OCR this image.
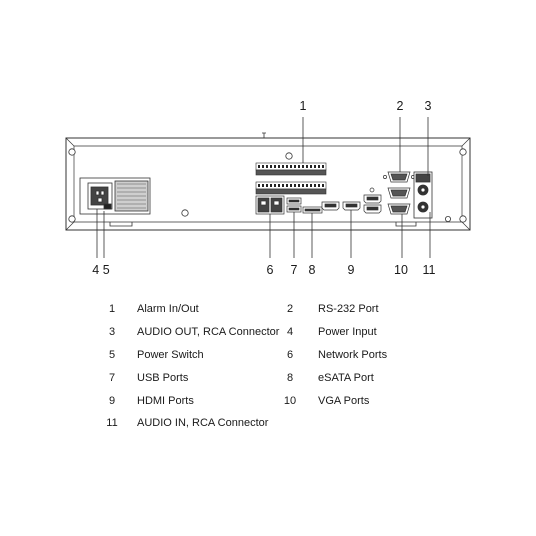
1	2 3
4 5	6 7 8	9	10 11
1	Alarm In/Out	2	RS-232 Port
3	AUDIO OUT, RCA Connector 4	Power Input
5	Power Switch	6	Network Ports
7	USB Ports	8	eSATA Port
9	HDMI Ports	10	VGA Ports
11	AUDIO IN, RCA Connector
